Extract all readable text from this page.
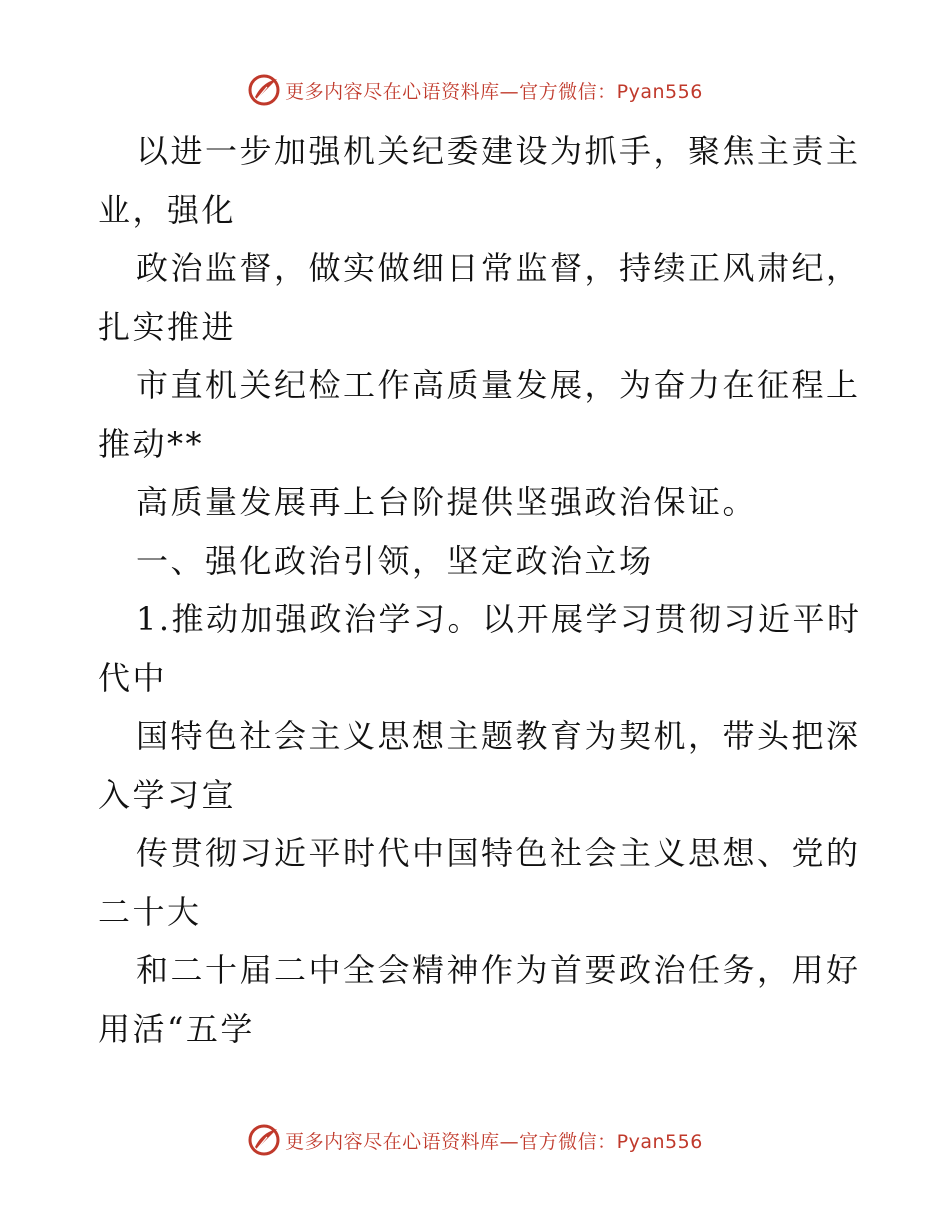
更多内容尽在心语资料库—官方微信：Pyan556
以进一步加强机关纪委建设为抓手，聚焦主责主
业，强化
政治监督，做实做细日常监督，持续正风肃纪，
扎实推进
市直机关纪检工作高质量发展，为奋力在征程上
推动**
高质量发展再上台阶提供坚强政治保证。
一、强化政治引领，坚定政治立场
1.推动加强政治学习。以开展学习贯彻习近平时
代中
国特色社会主义思想主题教育为契机，带头把深
入学习宣
传贯彻习近平时代中国特色社会主义思想、党的
二十大
和二十届二中全会精神作为首要政治任务，用好
用活“五学
更多内容尽在心语资料库—官方微信：Pyan556
